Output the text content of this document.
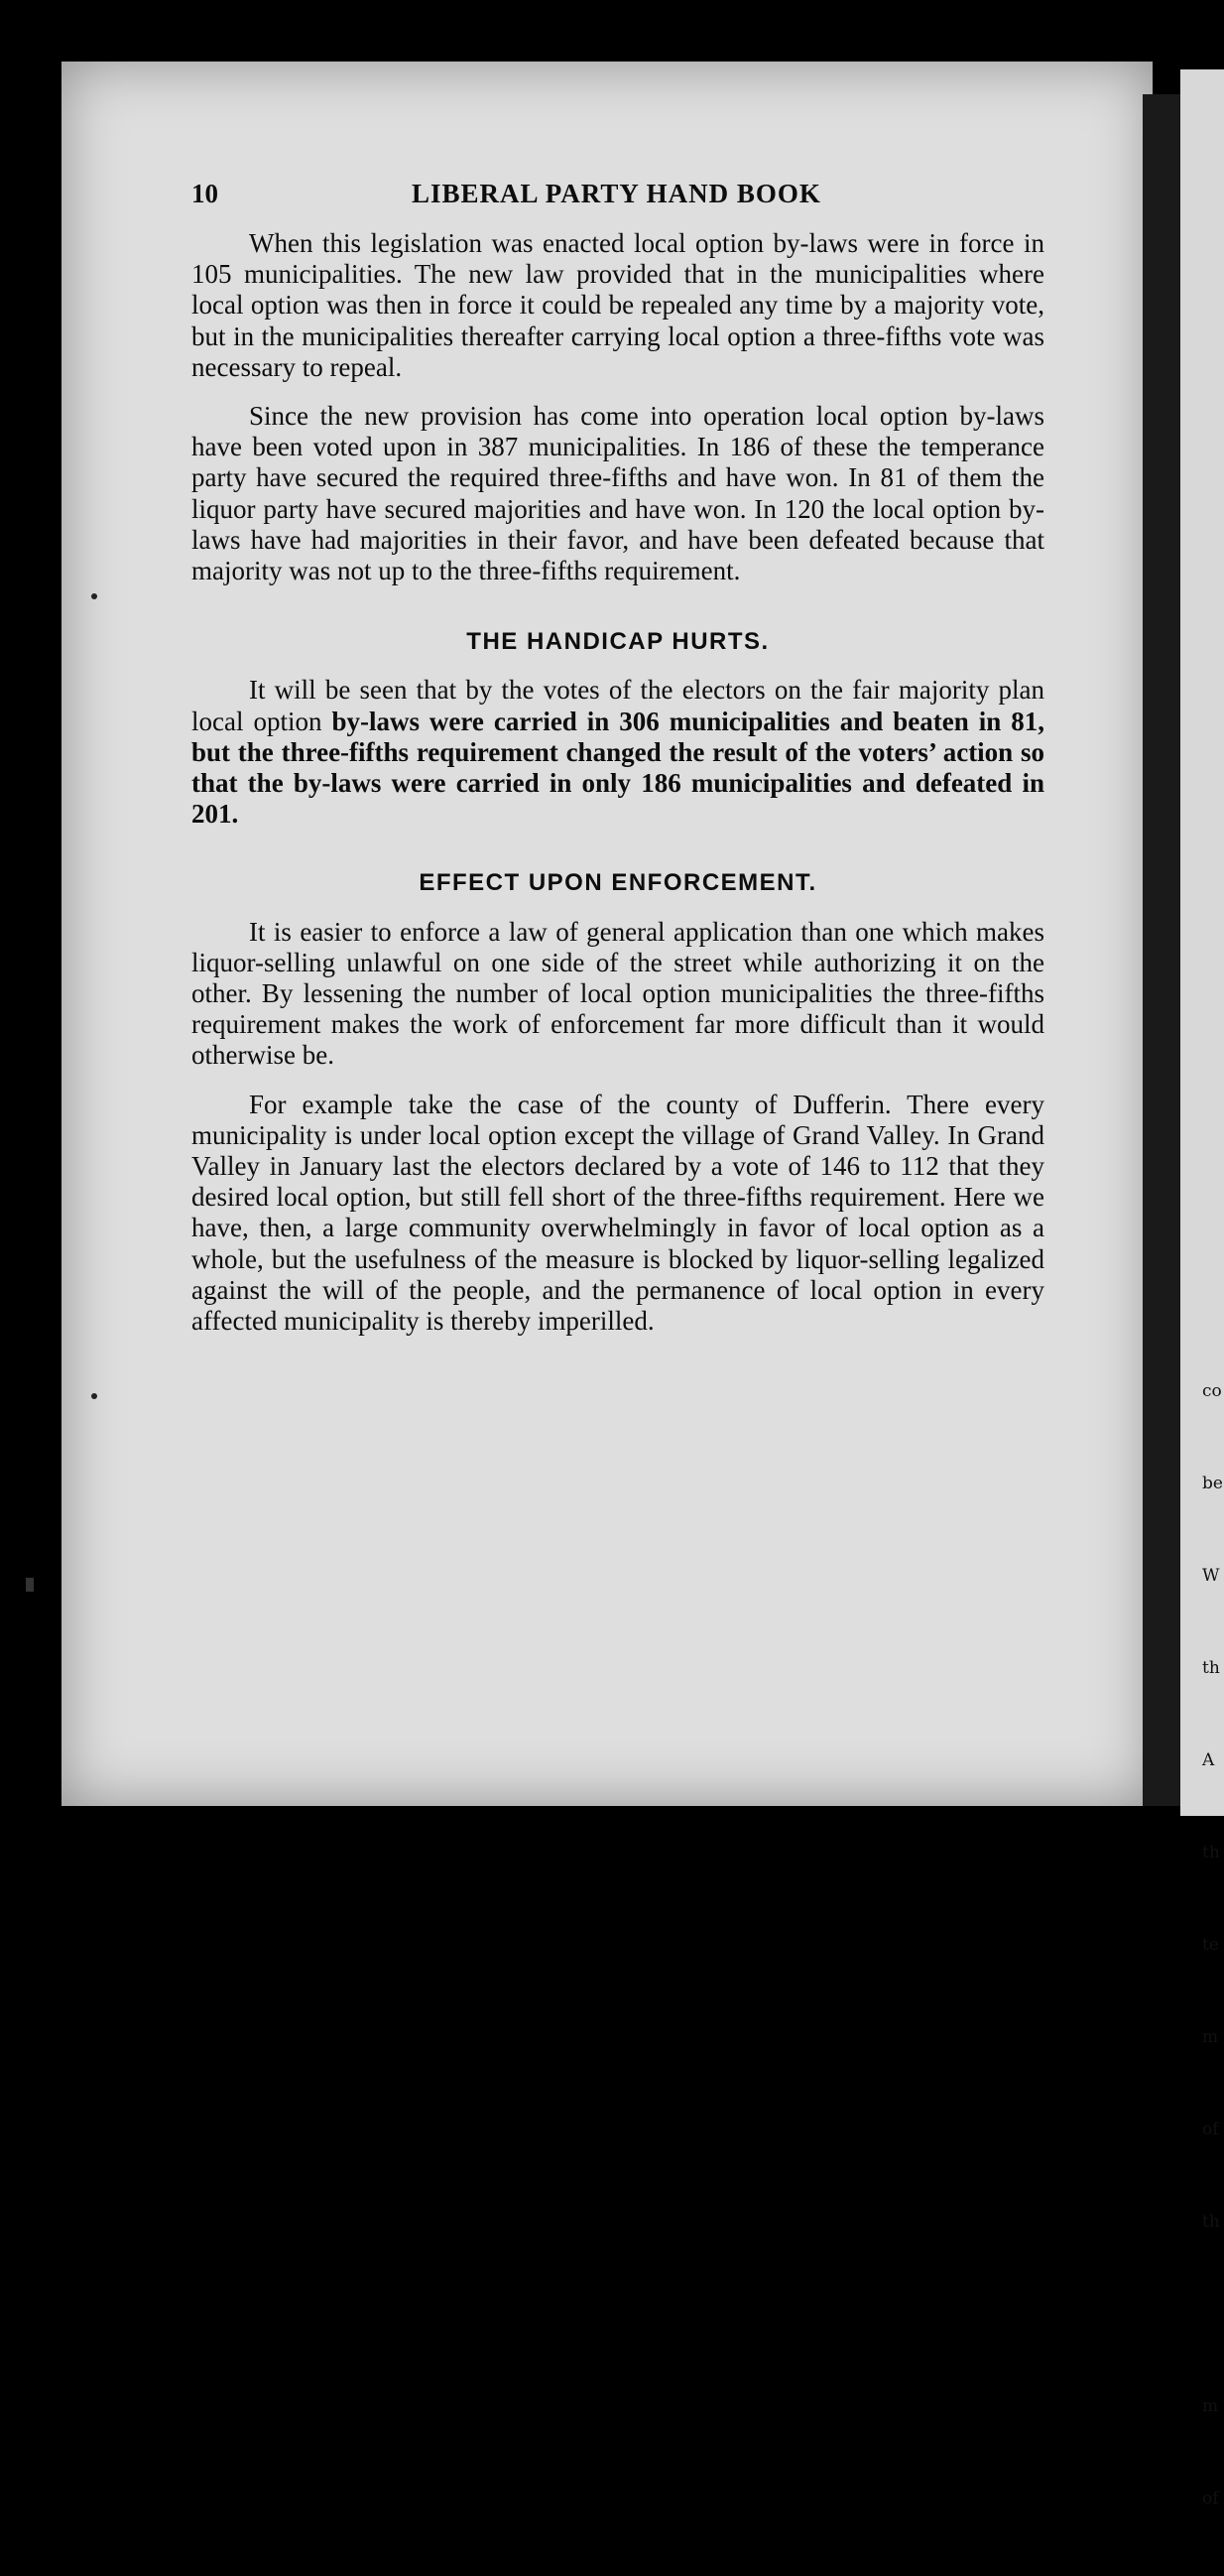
co

be

W

th

A

th

te

m

of

th

m

of

10	LIBERAL PARTY HAND BOOK

When this legislation was enacted local option by-laws were in force in 105 municipalities. The new law provided that in the municipalities where local option was then in force it could be repealed any time by a majority vote, but in the municipalities thereafter carrying local option a three-fifths vote was necessary to repeal.

Since the new provision has come into operation local option by-laws have been voted upon in 387 municipalities. In 186 of these the temperance party have secured the required three-fifths and have won. In 81 of them the liquor party have secured majorities and have won. In 120 the local option by-laws have had majorities in their favor, and have been defeated because that majority was not up to the three-fifths requirement.

THE HANDICAP HURTS.

It will be seen that by the votes of the electors on the fair majority plan local option by-laws were carried in 306 municipalities and beaten in 81, but the three-fifths requirement changed the result of the voters’ action so that the by-laws were carried in only 186 municipalities and defeated in 201.

EFFECT UPON ENFORCEMENT.

It is easier to enforce a law of general application than one which makes liquor-selling unlawful on one side of the street while authorizing it on the other. By lessening the number of local option municipalities the three-fifths requirement makes the work of enforcement far more difficult than it would otherwise be.

For example take the case of the county of Dufferin. There every municipality is under local option except the village of Grand Valley. In Grand Valley in January last the electors declared by a vote of 146 to 112 that they desired local option, but still fell short of the three-fifths requirement. Here we have, then, a large community overwhelmingly in favor of local option as a whole, but the usefulness of the measure is blocked by liquor-selling legalized against the will of the people, and the permanence of local option in every affected municipality is thereby imperilled.
